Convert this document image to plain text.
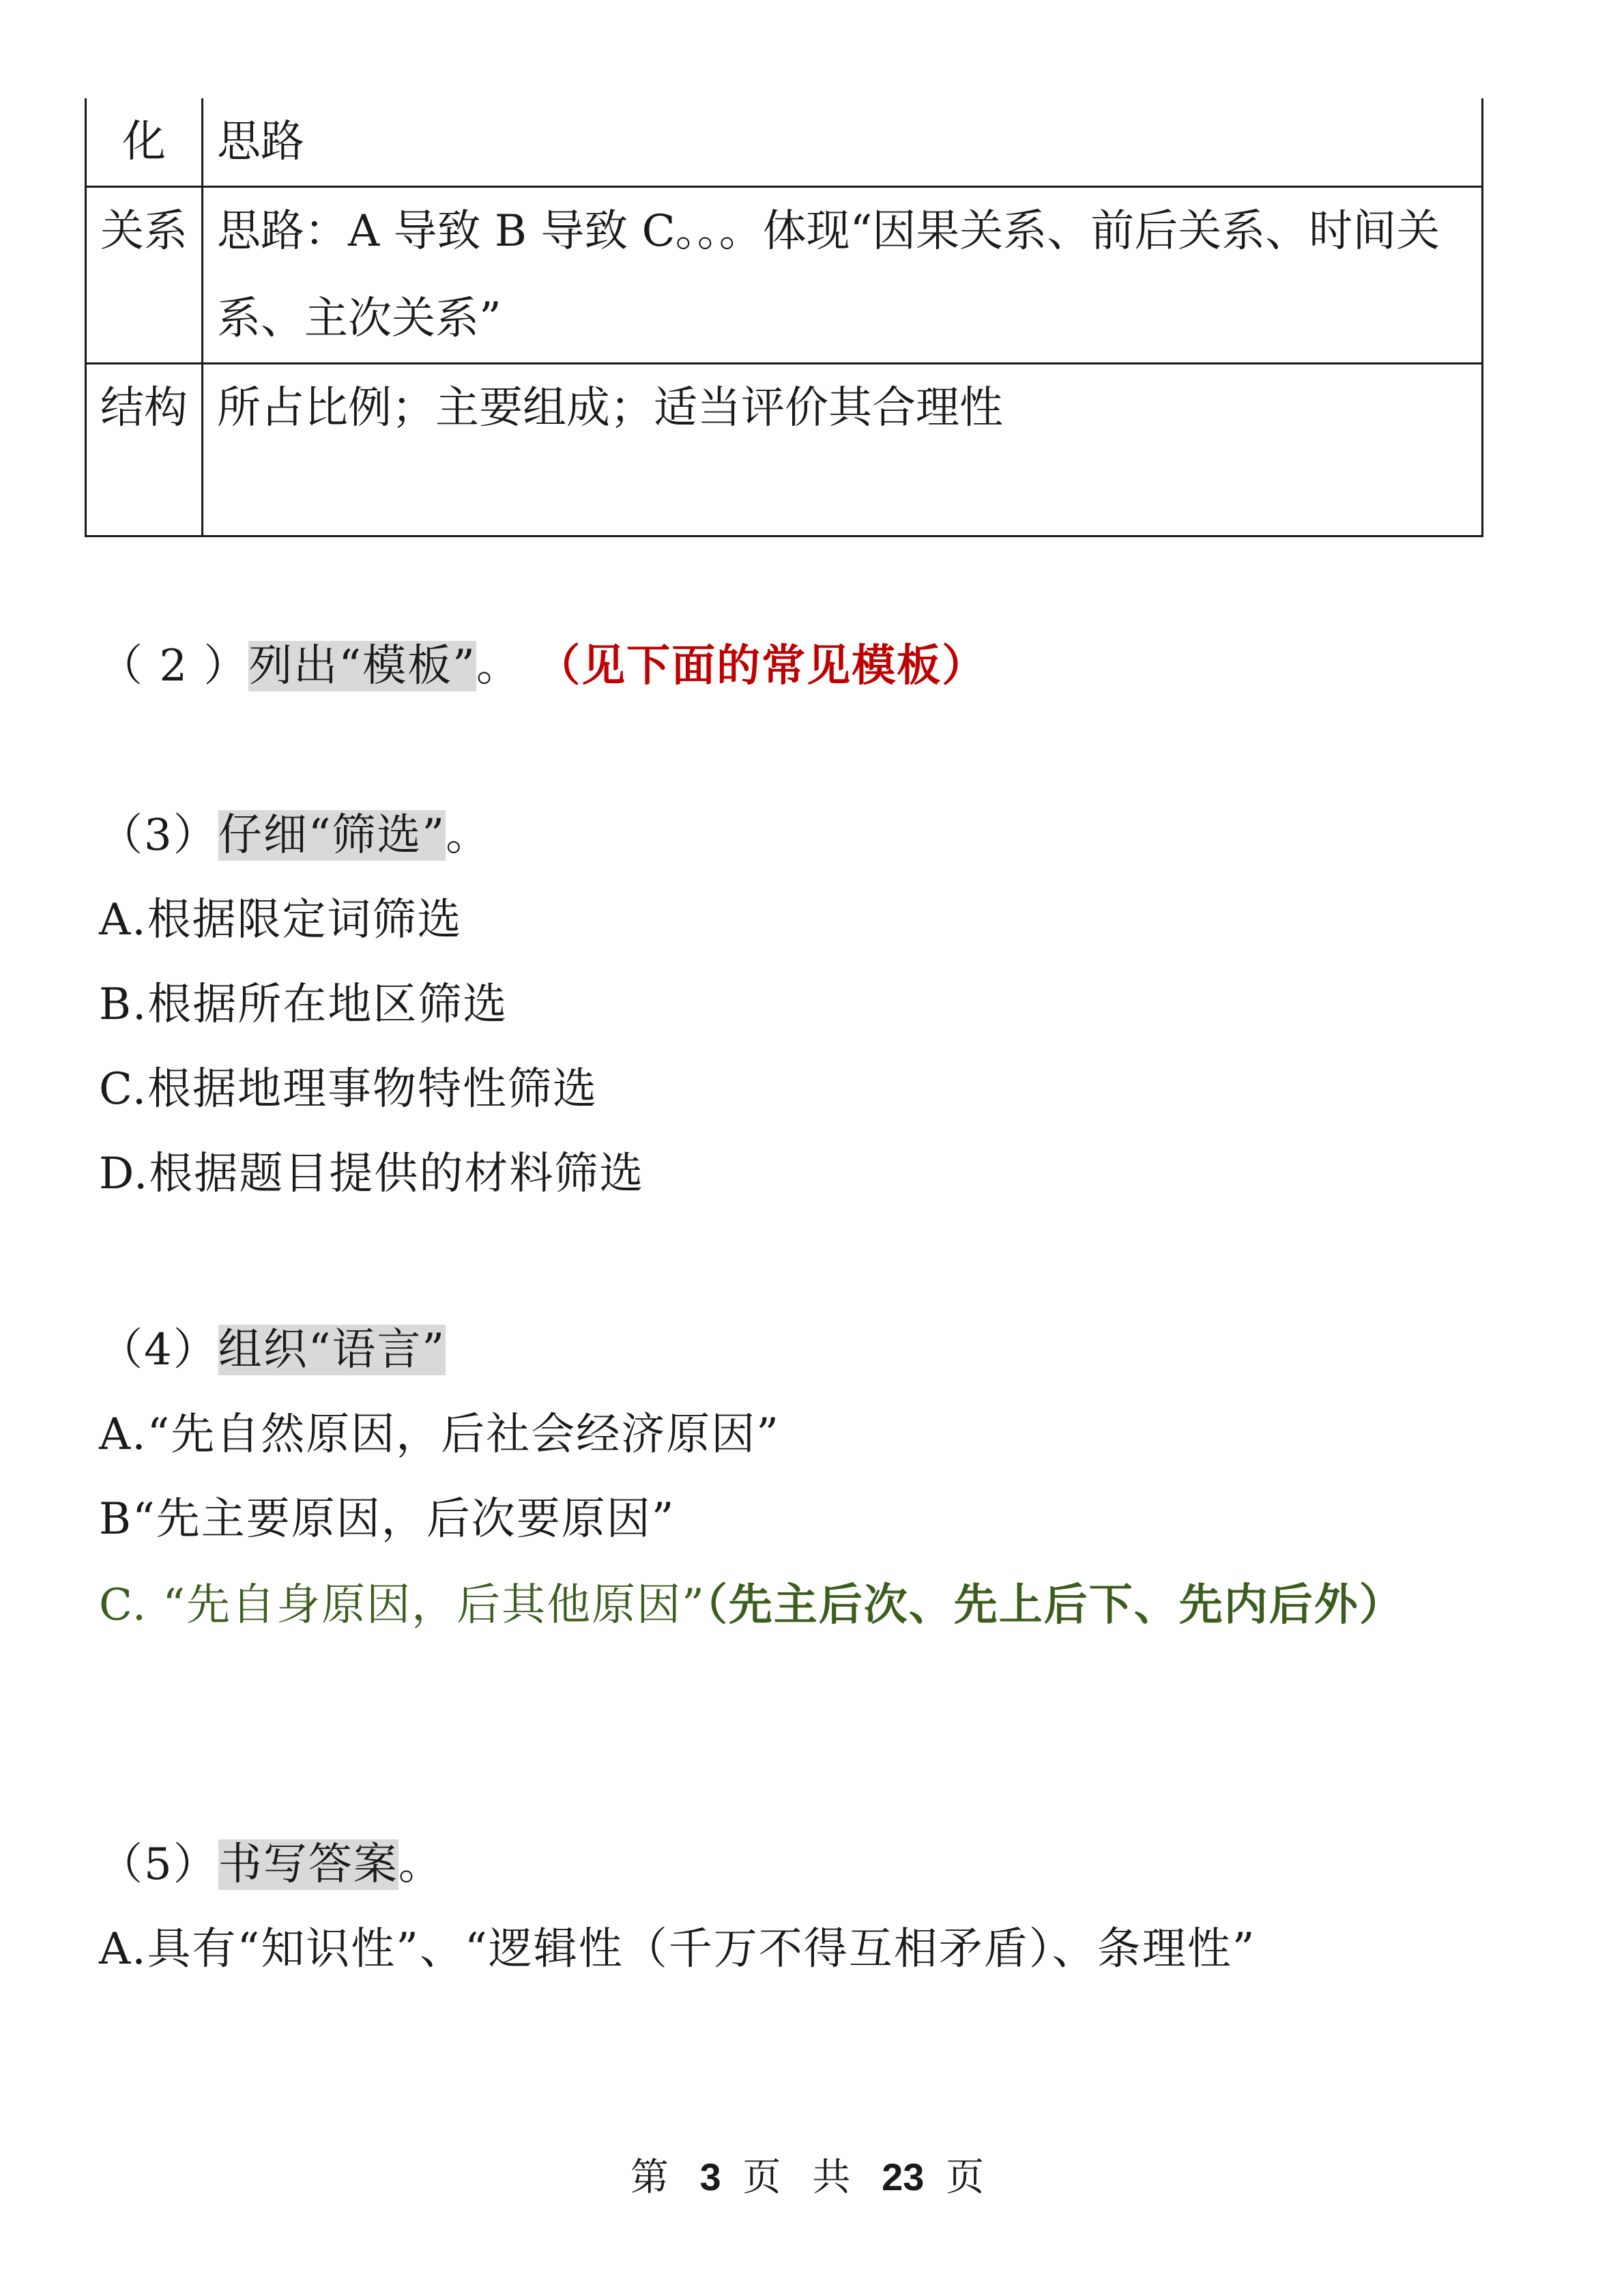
化	思路
关系	思路：A 导致 B 导致 C。。。体现“因果关系、前后关系、时间关系、主次关系”
结构	所占比例；主要组成；适当评价其合理性
（ 2 ）列出“模板”。 （见下面的常见模板）
（3）仔细“筛选”。
A.根据限定词筛选
B.根据所在地区筛选
C.根据地理事物特性筛选
D.根据题目提供的材料筛选
（4）组织“语言”
A.“先自然原因，后社会经济原因”
B“先主要原因，后次要原因”
C. “先自身原因，后其他原因”（先主后次、先上后下、先内后外）
（5）书写答案。
A.具有“知识性”、“逻辑性（千万不得互相矛盾）、条理性”
第 3 页 共 23 页
